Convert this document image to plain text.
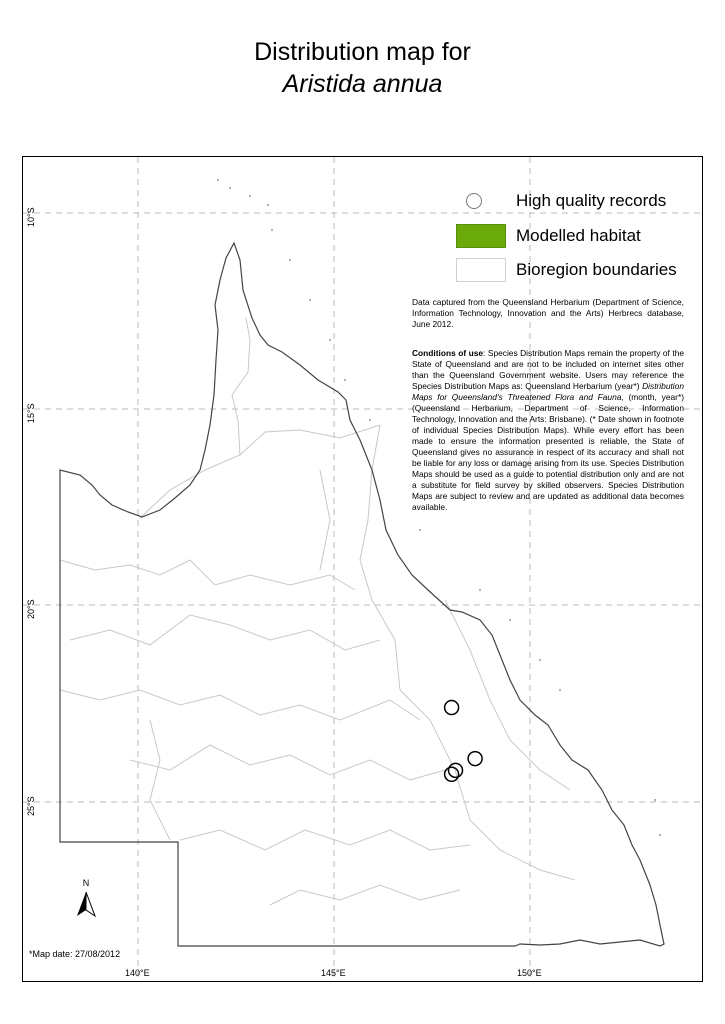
Distribution map for
Aristida annua
N
High quality records
Modelled habitat
Bioregion boundaries
Data captured from the Queensland Herbarium (Department of Science, Information Technology, Innovation and the Arts) Herbrecs database, June 2012.
Conditions of use: Species Distribution Maps remain the property of the State of Queensland and are not to be included on internet sites other than the Queensland Government website. Users may reference the Species Distribution Maps as: Queensland Herbarium (year*) Distribution Maps for Queensland's Threatened Flora and Fauna, (month, year*) (Queensland Herbarium, Department of Science, Information Technology, Innovation and the Arts: Brisbane). (* Date shown in footnote of individual Species Distribution Maps). While every effort has been made to ensure the information presented is reliable, the State of Queensland gives no assurance in respect of its accuracy and shall not be liable for any loss or damage arising from its use. Species Distribution Maps should be used as a guide to potential distribution only and are not a substitute for field survey by skilled observers. Species Distribution Maps are subject to review and are updated as additional data becomes available.
*Map date: 27/08/2012
140°E	145°E	150°E
10°S
15°S
20°S
25°S
